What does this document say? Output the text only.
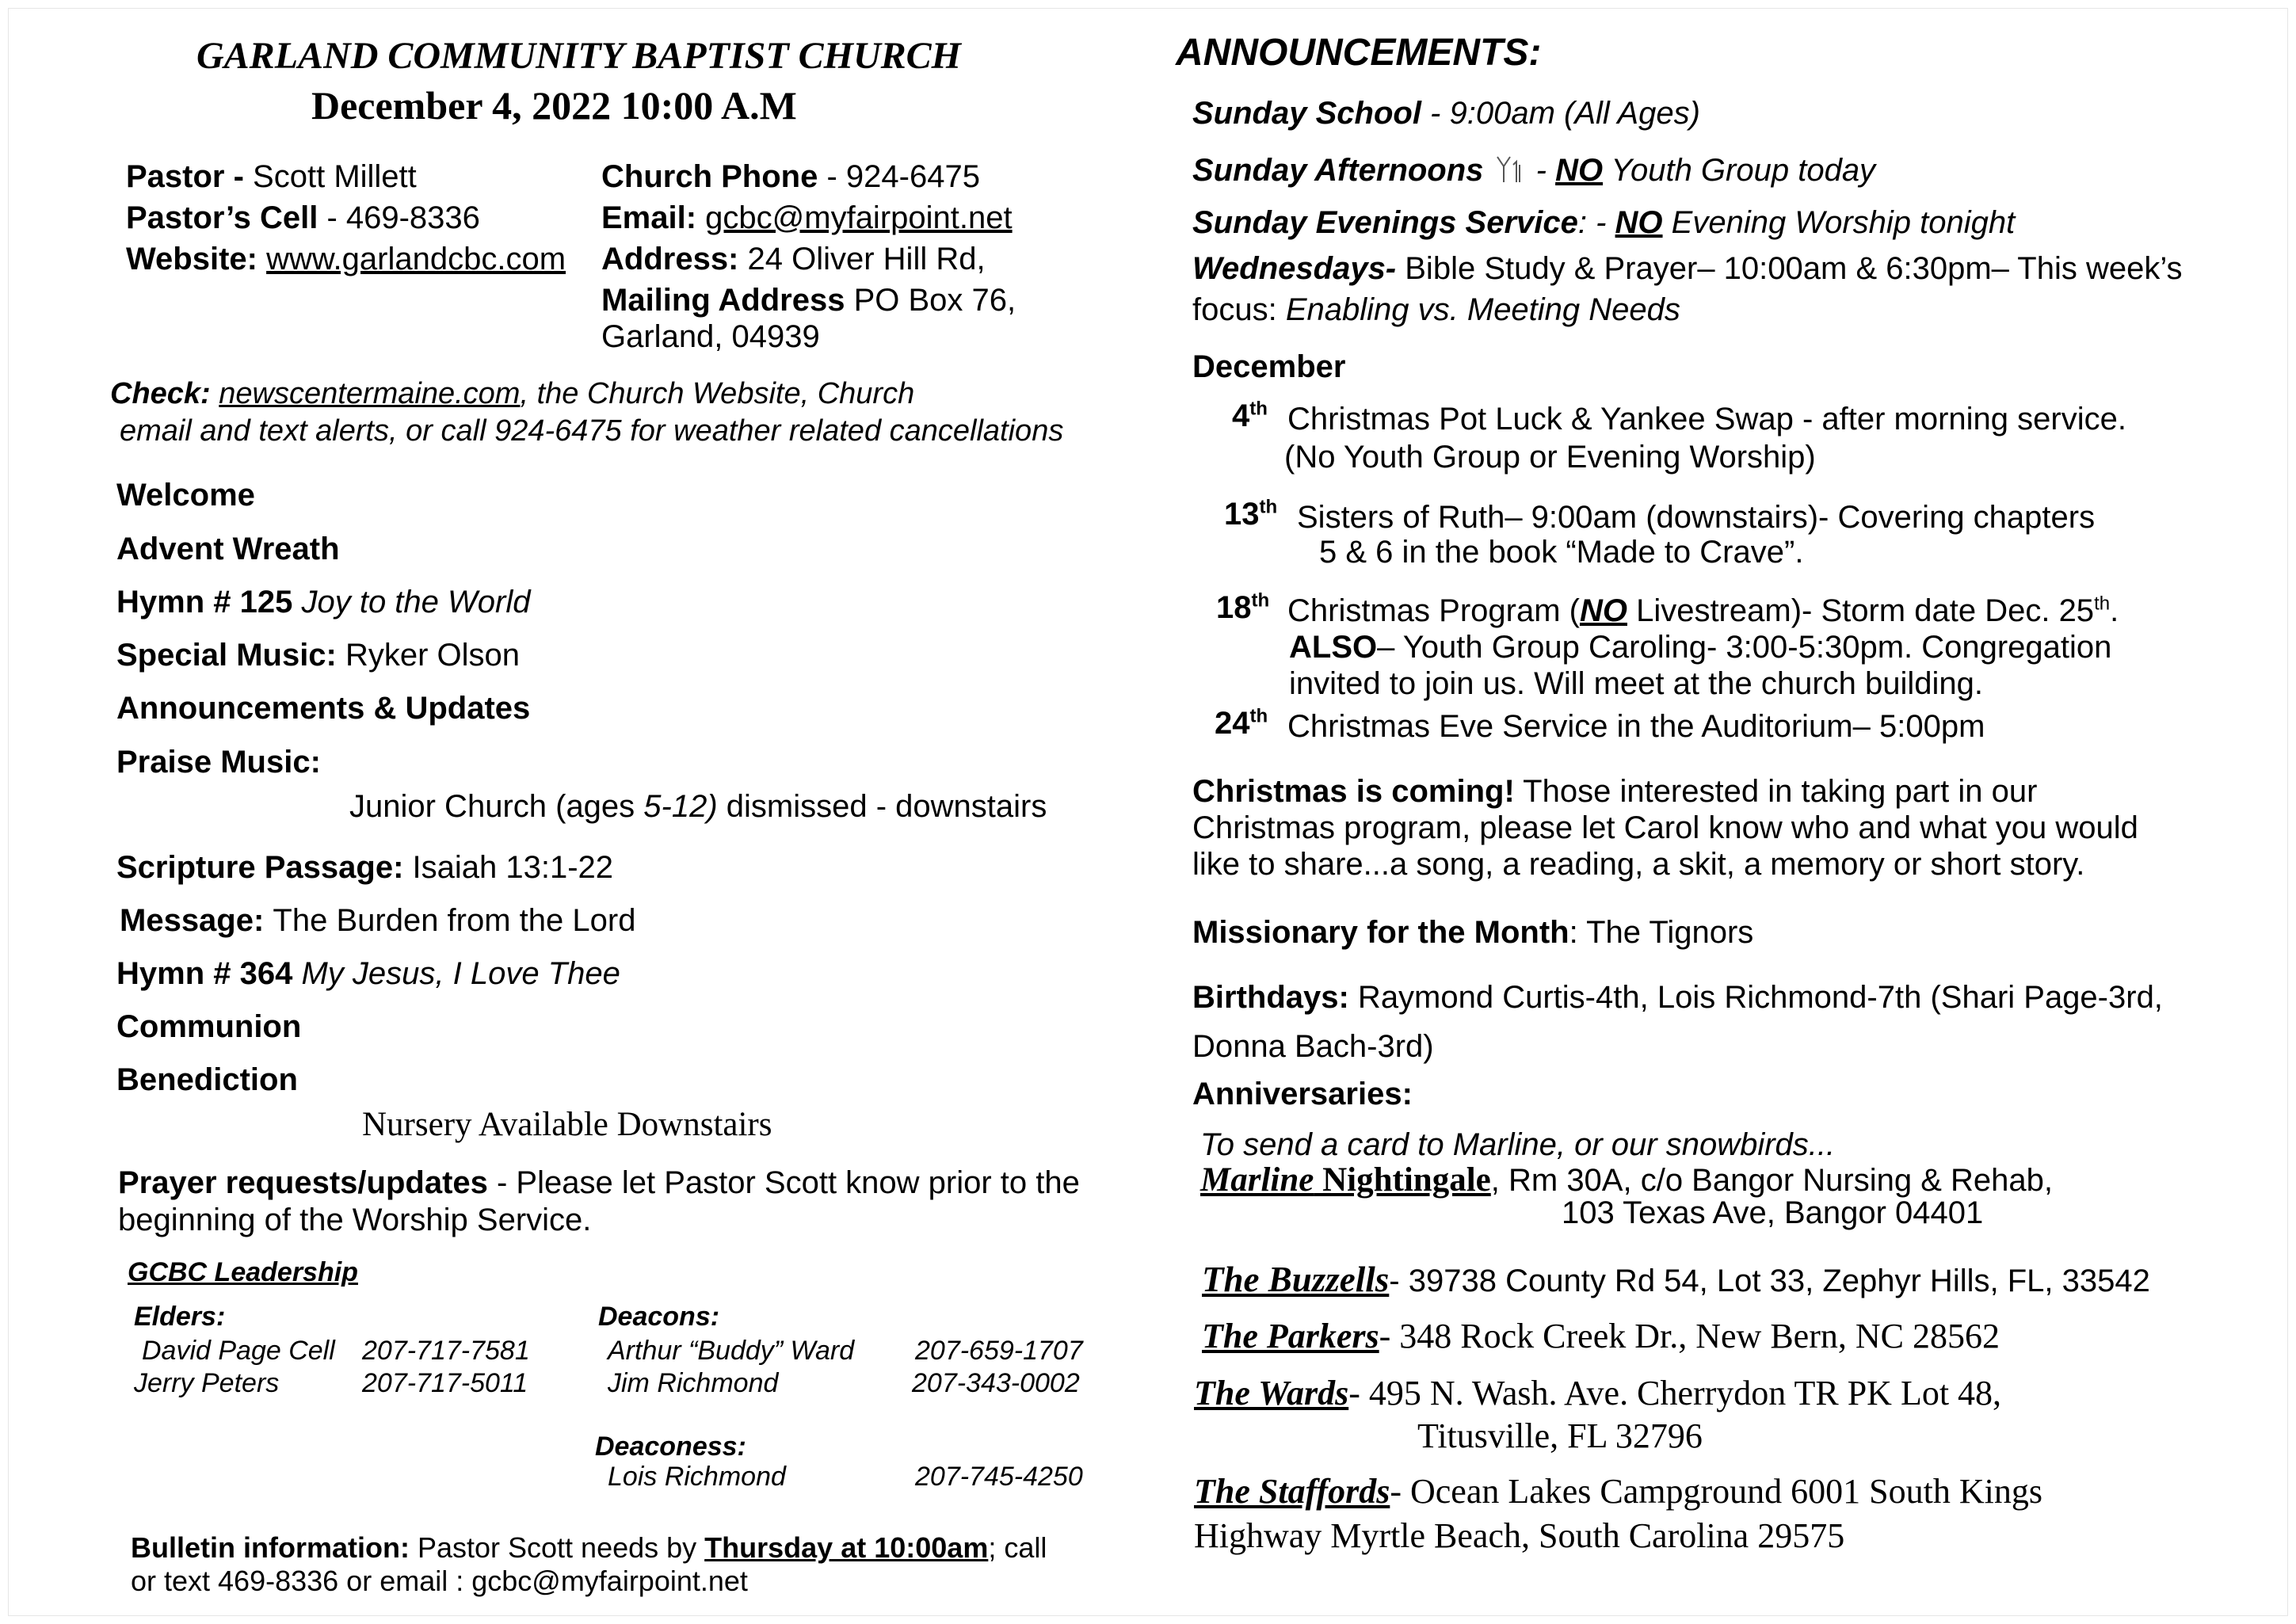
GARLAND COMMUNITY BAPTIST CHURCH
December 4, 2022 10:00 A.M
Pastor - Scott Millett
Pastor’s Cell - 469-8336
Website: www.garlandcbc.com
Church Phone - 924-6475
Email: gcbc@myfairpoint.net
Address: 24 Oliver Hill Rd,
Mailing Address PO Box 76,
Garland, 04939
Check: newscentermaine.com, the Church Website, Church
email and text alerts, or call 924-6475 for weather related cancellations
Welcome
Advent Wreath
Hymn # 125 Joy to the World
Special Music: Ryker Olson
Announcements & Updates
Praise Music:
Junior Church (ages 5-12) dismissed - downstairs
Scripture Passage: Isaiah 13:1-22
Message: The Burden from the Lord
Hymn # 364 My Jesus, I Love Thee
Communion
Benediction
Nursery Available Downstairs
Prayer requests/updates - Please let Pastor Scott know prior to the
beginning of the Worship Service.
GCBC Leadership
Elders:
David Page Cell 207-717-7581
Jerry Peters	207-717-5011
Deacons:
Arthur “Buddy” Ward 207-659-1707
Jim Richmond	207-343-0002
Deaconess:
Lois Richmond	207-745-4250
Bulletin information: Pastor Scott needs by Thursday at 10:00am; call
or text 469-8336 or email : gcbc@myfairpoint.net
ANNOUNCEMENTS:
Sunday School - 9:00am (All Ages)
Sunday Afternoons  - NO Youth Group today
Sunday Evenings Service: - NO Evening Worship tonight
Wednesdays- Bible Study & Prayer– 10:00am & 6:30pm– This week’s
focus: Enabling vs. Meeting Needs
December
4th Christmas Pot Luck & Yankee Swap - after morning service.
(No Youth Group or Evening Worship)
13th Sisters of Ruth– 9:00am (downstairs)- Covering chapters
5 & 6 in the book “Made to Crave”.
18th Christmas Program (NO Livestream)- Storm date Dec. 25th.
ALSO– Youth Group Caroling- 3:00-5:30pm. Congregation
invited to join us. Will meet at the church building.
24th Christmas Eve Service in the Auditorium– 5:00pm
Christmas is coming! Those interested in taking part in our
Christmas program, please let Carol know who and what you would
like to share...a song, a reading, a skit, a memory or short story.
Missionary for the Month: The Tignors
Birthdays: Raymond Curtis-4th, Lois Richmond-7th (Shari Page-3rd,
Donna Bach-3rd)
Anniversaries:
To send a card to Marline, or our snowbirds...
Marline Nightingale, Rm 30A, c/o Bangor Nursing & Rehab,
103 Texas Ave, Bangor 04401
The Buzzells- 39738 County Rd 54, Lot 33, Zephyr Hills, FL, 33542
The Parkers- 348 Rock Creek Dr., New Bern, NC 28562
The Wards- 495 N. Wash. Ave. Cherrydon TR PK Lot 48,
Titusville, FL 32796
The Staffords- Ocean Lakes Campground 6001 South Kings
Highway Myrtle Beach, South Carolina 29575
